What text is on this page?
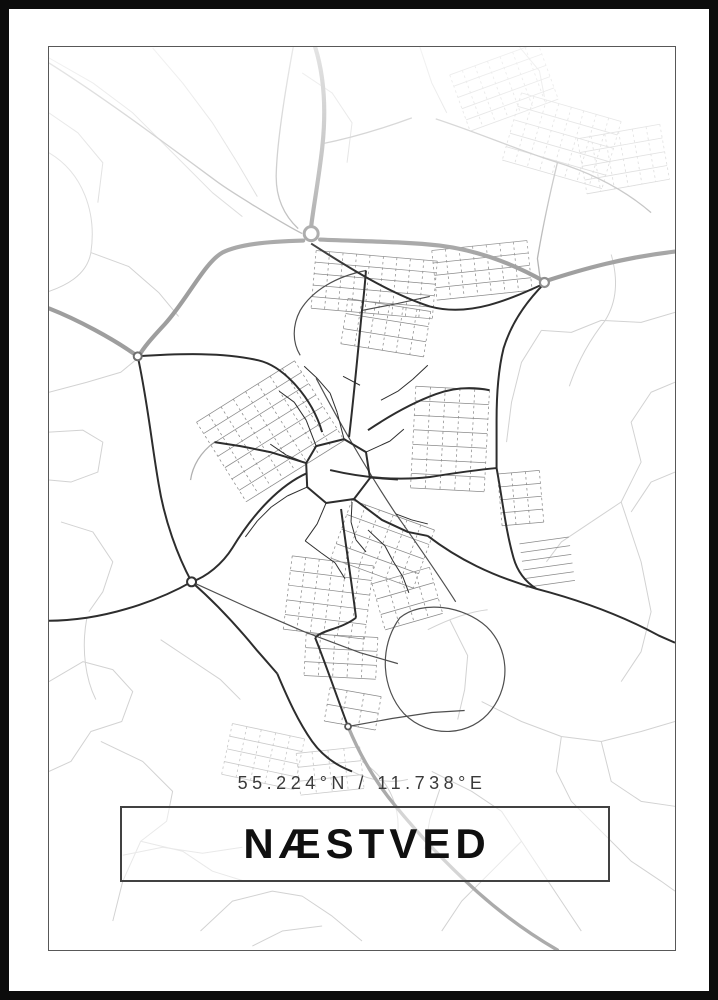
55.224°N / 11.738°E
NÆSTVED
